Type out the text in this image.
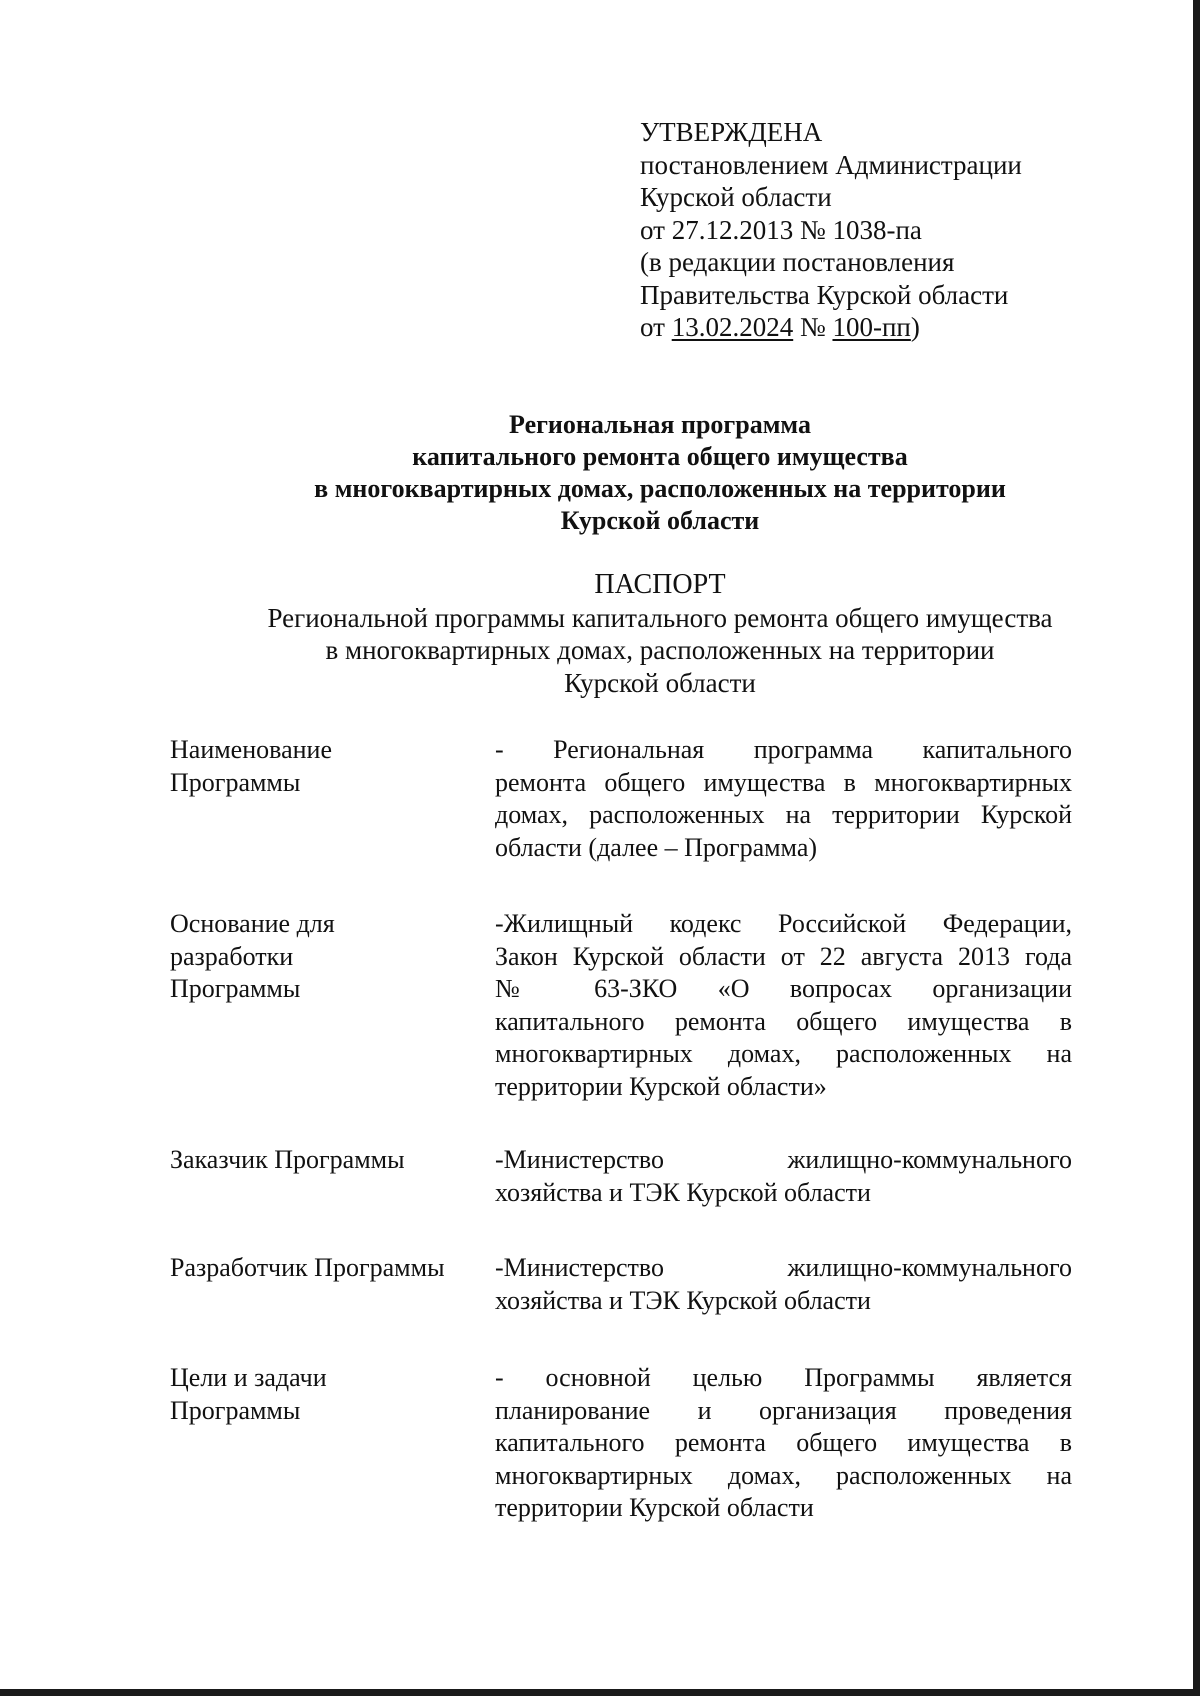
УТВЕРЖДЕНА
постановлением Администрации
Курской области
от 27.12.2013 № 1038-па
(в редакции постановления
Правительства Курской области
от 13.02.2024 № 100-пп)
Региональная программа
капитального ремонта общего имущества
в многоквартирных домах, расположенных на территории
Курской области
ПАСПОРТ
Региональной программы капитального ремонта общего имущества
в многоквартирных домах, расположенных на территории
Курской области
Наименование
Программы
- Региональная программа капитального
ремонта общего имущества в многоквартирных
домах, расположенных на территории Курской
области (далее – Программа)
Основание для
разработки
Программы
-Жилищный кодекс Российской Федерации,
Закон Курской области от 22 августа 2013 года
№ 63-ЗКО «О вопросах организации
капитального ремонта общего имущества в
многоквартирных домах, расположенных на
территории Курской области»
Заказчик Программы	-Министерство жилищно-коммунального
хозяйства и ТЭК Курской области
Разработчик Программы	-Министерство жилищно-коммунального
хозяйства и ТЭК Курской области
Цели и задачи
Программы
- основной целью Программы является
планирование и организация проведения
капитального ремонта общего имущества в
многоквартирных домах, расположенных на
территории Курской области
